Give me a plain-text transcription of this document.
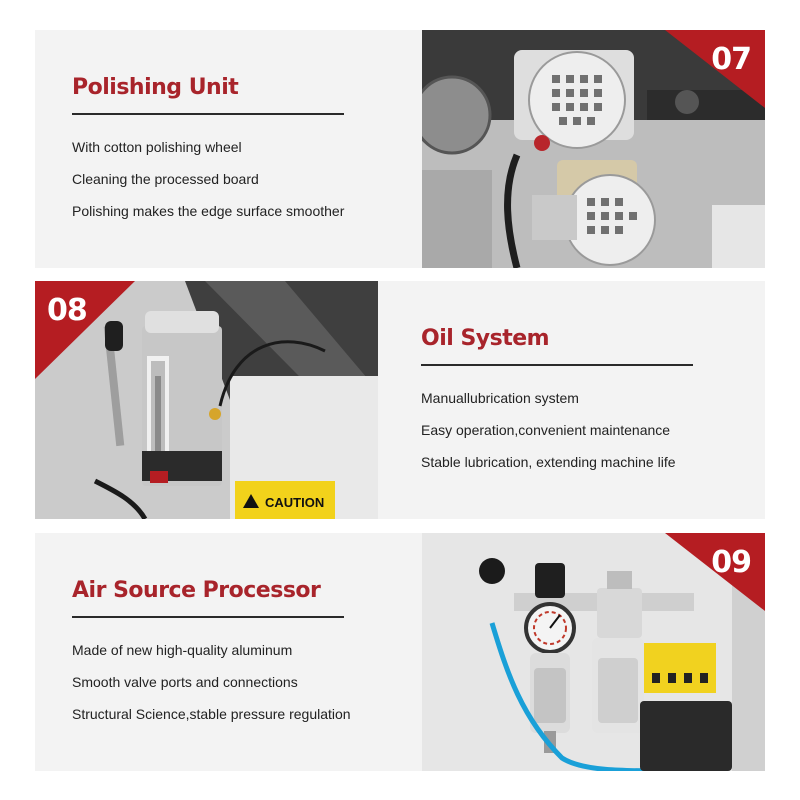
Polishing Unit
With cotton polishing wheel
Cleaning the processed board
Polishing makes the edge surface smoother
07
CAUTION
08
Oil System
Manuallubrication system
Easy operation,convenient maintenance
Stable lubrication, extending machine life
Air Source Processor
Made of new high-quality aluminum
Smooth valve ports and connections
Structural Science,stable pressure regulation
09
